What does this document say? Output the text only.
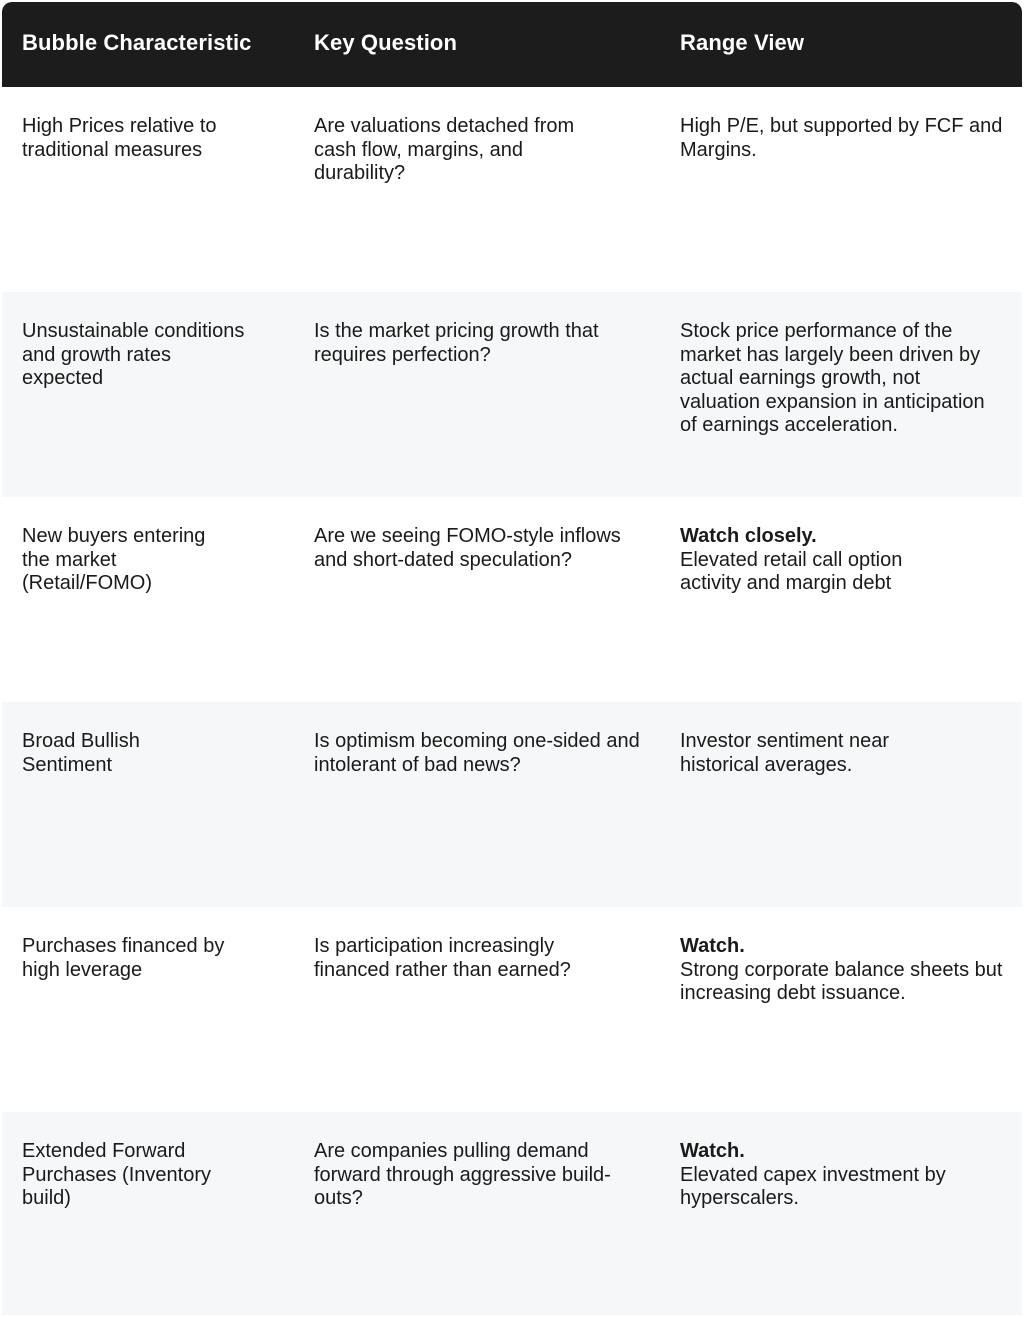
Bubble Characteristic	Key Question	Range View
High Prices relative to traditional measures
Are valuations detached from cash flow, margins, and durability?
High P/E, but supported by FCF and Margins.
Unsustainable conditions and growth rates expected
Is the market pricing growth that requires perfection?
Stock price performance of the market has largely been driven by actual earnings growth, not valuation expansion in anticipation of earnings acceleration.
New buyers entering the market (Retail/FOMO)
Are we seeing FOMO-style inflows and short-dated speculation?
Watch closely.
Elevated retail call option activity and margin debt
Broad Bullish Sentiment
Is optimism becoming one-sided and intolerant of bad news?
Investor sentiment near historical averages.
Purchases financed by high leverage
Is participation increasingly financed rather than earned?
Watch.
Strong corporate balance sheets but increasing debt issuance.
Extended Forward Purchases (Inventory build)
Are companies pulling demand forward through aggressive build-outs?
Watch.
Elevated capex investment by hyperscalers.
